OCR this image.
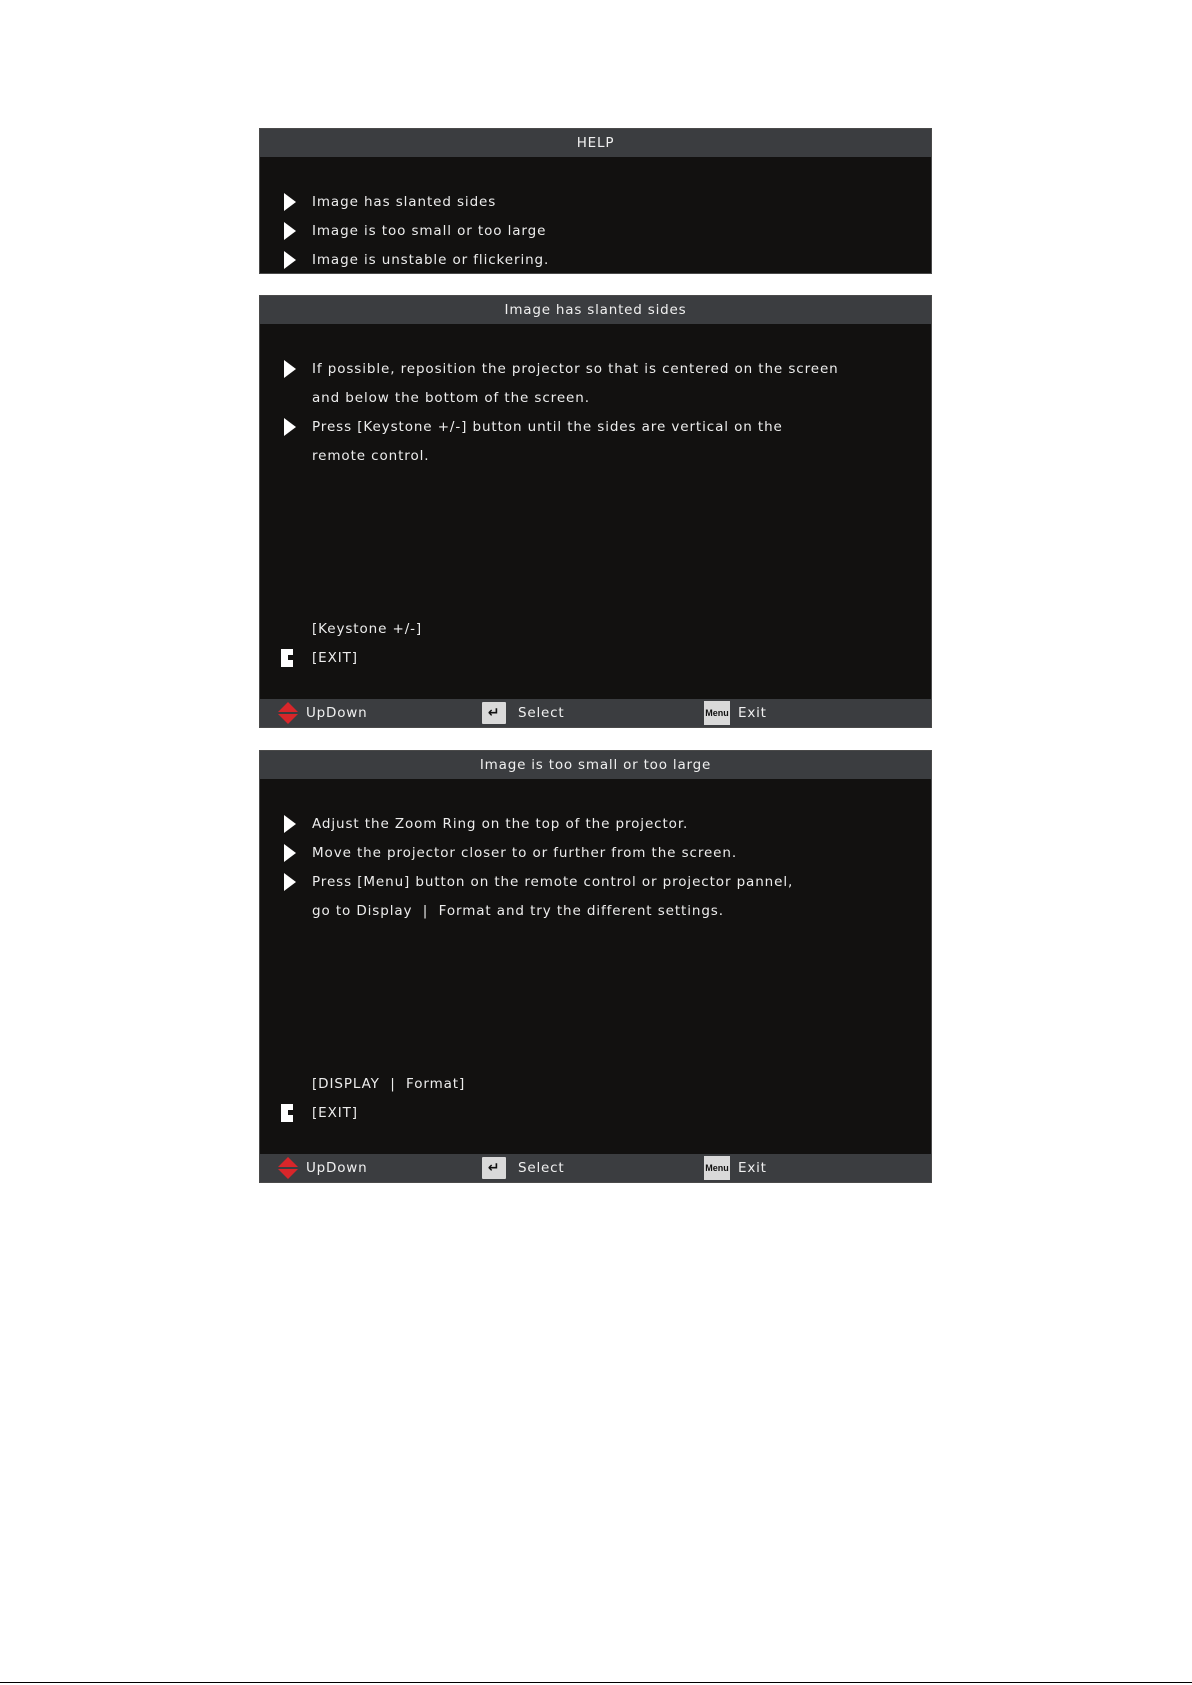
HELP
Image has slanted sides
Image is too small or too large
Image is unstable or flickering.
Image has slanted sides
If possible, reposition the projector so that is centered on the screen
and below the bottom of the screen.
Press [Keystone +/-] button until the sides are vertical on the
remote control.
[Keystone +/-]
[EXIT]
UpDown	↵	Select	Menu Exit
Image is too small or too large
Adjust the Zoom Ring on the top of the projector.
Move the projector closer to or further from the screen.
Press [Menu] button on the remote control or projector pannel,
go to Display  |  Format and try the different settings.
[DISPLAY  |  Format]
[EXIT]
UpDown	↵	Select	Menu Exit
